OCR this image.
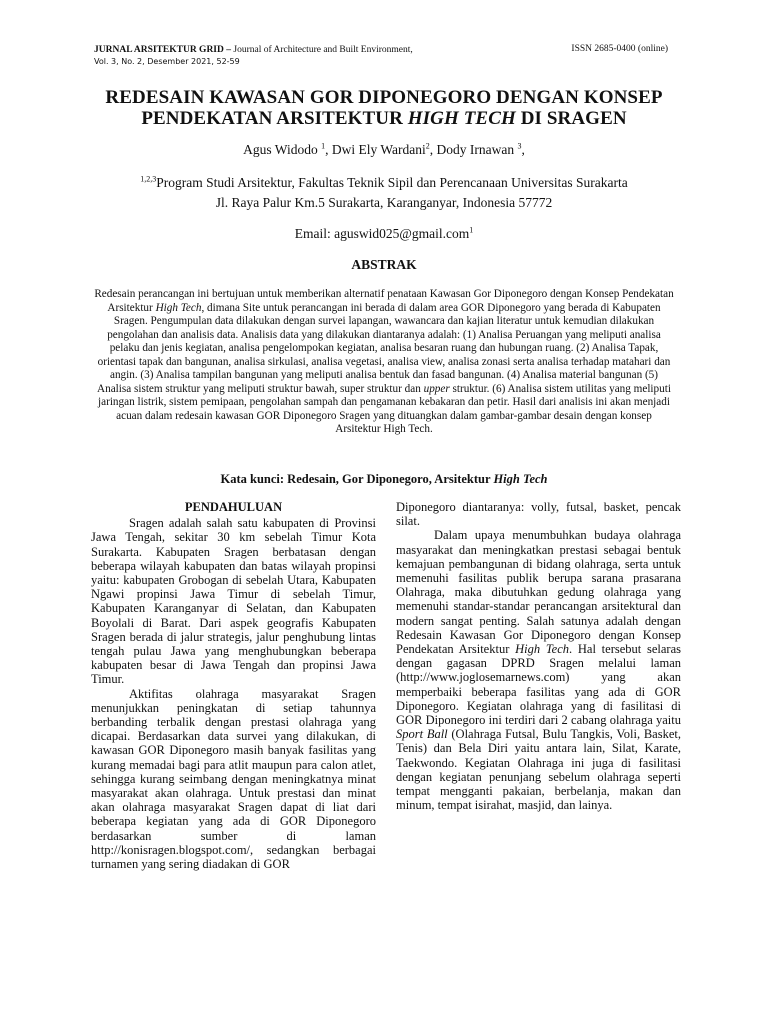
JURNAL ARSITEKTUR GRID – Journal of Architecture and Built Environment,
Vol. 3, No. 2, Desember 2021, 52-59
ISSN 2685-0400 (online)
REDESAIN KAWASAN GOR DIPONEGORO DENGAN KONSEP
PENDEKATAN ARSITEKTUR HIGH TECH DI SRAGEN
Agus Widodo $^1$, Dwi Ely Wardani$^2$, Dody Irnawan $^3$,
$^{1,2,3}$Program Studi Arsitektur, Fakultas Teknik Sipil dan Perencanaan Universitas Surakarta
Jl. Raya Palur Km.5 Surakarta, Karanganyar, Indonesia 57772
Email: aguswid025@gmail.com$^1$
ABSTRAK
Redesain perancangan ini bertujuan untuk memberikan alternatif penataan Kawasan Gor Diponegoro dengan Konsep Pendekatan Arsitektur High Tech, dimana Site untuk perancangan ini berada di dalam area GOR Diponegoro yang berada di Kabupaten Sragen. Pengumpulan data dilakukan dengan survei lapangan, wawancara dan kajian literatur untuk kemudian dilakukan pengolahan dan analisis data. Analisis data yang dilakukan diantaranya adalah: (1) Analisa Peruangan yang meliputi analisa pelaku dan jenis kegiatan, analisa pengelompokan kegiatan, analisa besaran ruang dan hubungan ruang. (2) Analisa Tapak, orientasi tapak dan bangunan, analisa sirkulasi, analisa vegetasi, analisa view, analisa zonasi serta analisa terhadap matahari dan angin. (3) Analisa tampilan bangunan yang meliputi analisa bentuk dan fasad bangunan. (4) Analisa material bangunan (5) Analisa sistem struktur yang meliputi struktur bawah, super struktur dan upper struktur. (6) Analisa sistem utilitas yang meliputi jaringan listrik, sistem pemipaan, pengolahan sampah dan pengamanan kebakaran dan petir. Hasil dari analisis ini akan menjadi acuan dalam redesain kawasan GOR Diponegoro Sragen yang dituangkan dalam gambar-gambar desain dengan konsep Arsitektur High Tech.
Kata kunci: Redesain, Gor Diponegoro, Arsitektur High Tech
PENDAHULUAN

Sragen adalah salah satu kabupaten di Provinsi Jawa Tengah, sekitar 30 km sebelah Timur Kota Surakarta. Kabupaten Sragen berbatasan dengan beberapa wilayah kabupaten dan batas wilayah propinsi yaitu: kabupaten Grobogan di sebelah Utara, Kabupaten Ngawi propinsi Jawa Timur di sebelah Timur, Kabupaten Karanganyar di Selatan, dan Kabupaten Boyolali di Barat. Dari aspek geografis Kabupaten Sragen berada di jalur strategis, jalur penghubung lintas tengah pulau Jawa yang menghubungkan beberapa kabupaten besar di Jawa Tengah dan propinsi Jawa Timur.

Aktifitas olahraga masyarakat Sragen menunjukkan peningkatan di setiap tahunnya berbanding terbalik dengan prestasi olahraga yang dicapai. Berdasarkan data survei yang dilakukan, di kawasan GOR Diponegoro masih banyak fasilitas yang kurang memadai bagi para atlit maupun para calon atlet, sehingga kurang seimbang dengan meningkatnya minat masyarakat akan olahraga. Untuk prestasi dan minat akan olahraga masyarakat Sragen dapat di liat dari beberapa kegiatan yang ada di GOR Diponegoro berdasarkan sumber di laman http://konisragen.blogspot.com/, sedangkan berbagai turnamen yang sering diadakan di GOR

Diponegoro diantaranya: volly, futsal, basket, pencak silat.

Dalam upaya menumbuhkan budaya olahraga masyarakat dan meningkatkan prestasi sebagai bentuk kemajuan pembangunan di bidang olahraga, serta untuk memenuhi fasilitas publik berupa sarana prasarana Olahraga, maka dibutuhkan gedung olahraga yang memenuhi standar-standar perancangan arsitektural dan modern sangat penting. Salah satunya adalah dengan Redesain Kawasan Gor Diponegoro dengan Konsep Pendekatan Arsitektur High Tech. Hal tersebut selaras dengan gagasan DPRD Sragen melalui laman (http://www.joglosemarnews.com) yang akan memperbaiki beberapa fasilitas yang ada di GOR Diponegoro. Kegiatan olahraga yang di fasilitasi di GOR Diponegoro ini terdiri dari 2 cabang olahraga yaitu Sport Ball (Olahraga Futsal, Bulu Tangkis, Voli, Basket, Tenis) dan Bela Diri yaitu antara lain, Silat, Karate, Taekwondo. Kegiatan Olahraga ini juga di fasilitasi dengan kegiatan penunjang sebelum olahraga seperti tempat mengganti pakaian, berbelanja, makan dan minum, tempat isirahat, masjid, dan lainya.
